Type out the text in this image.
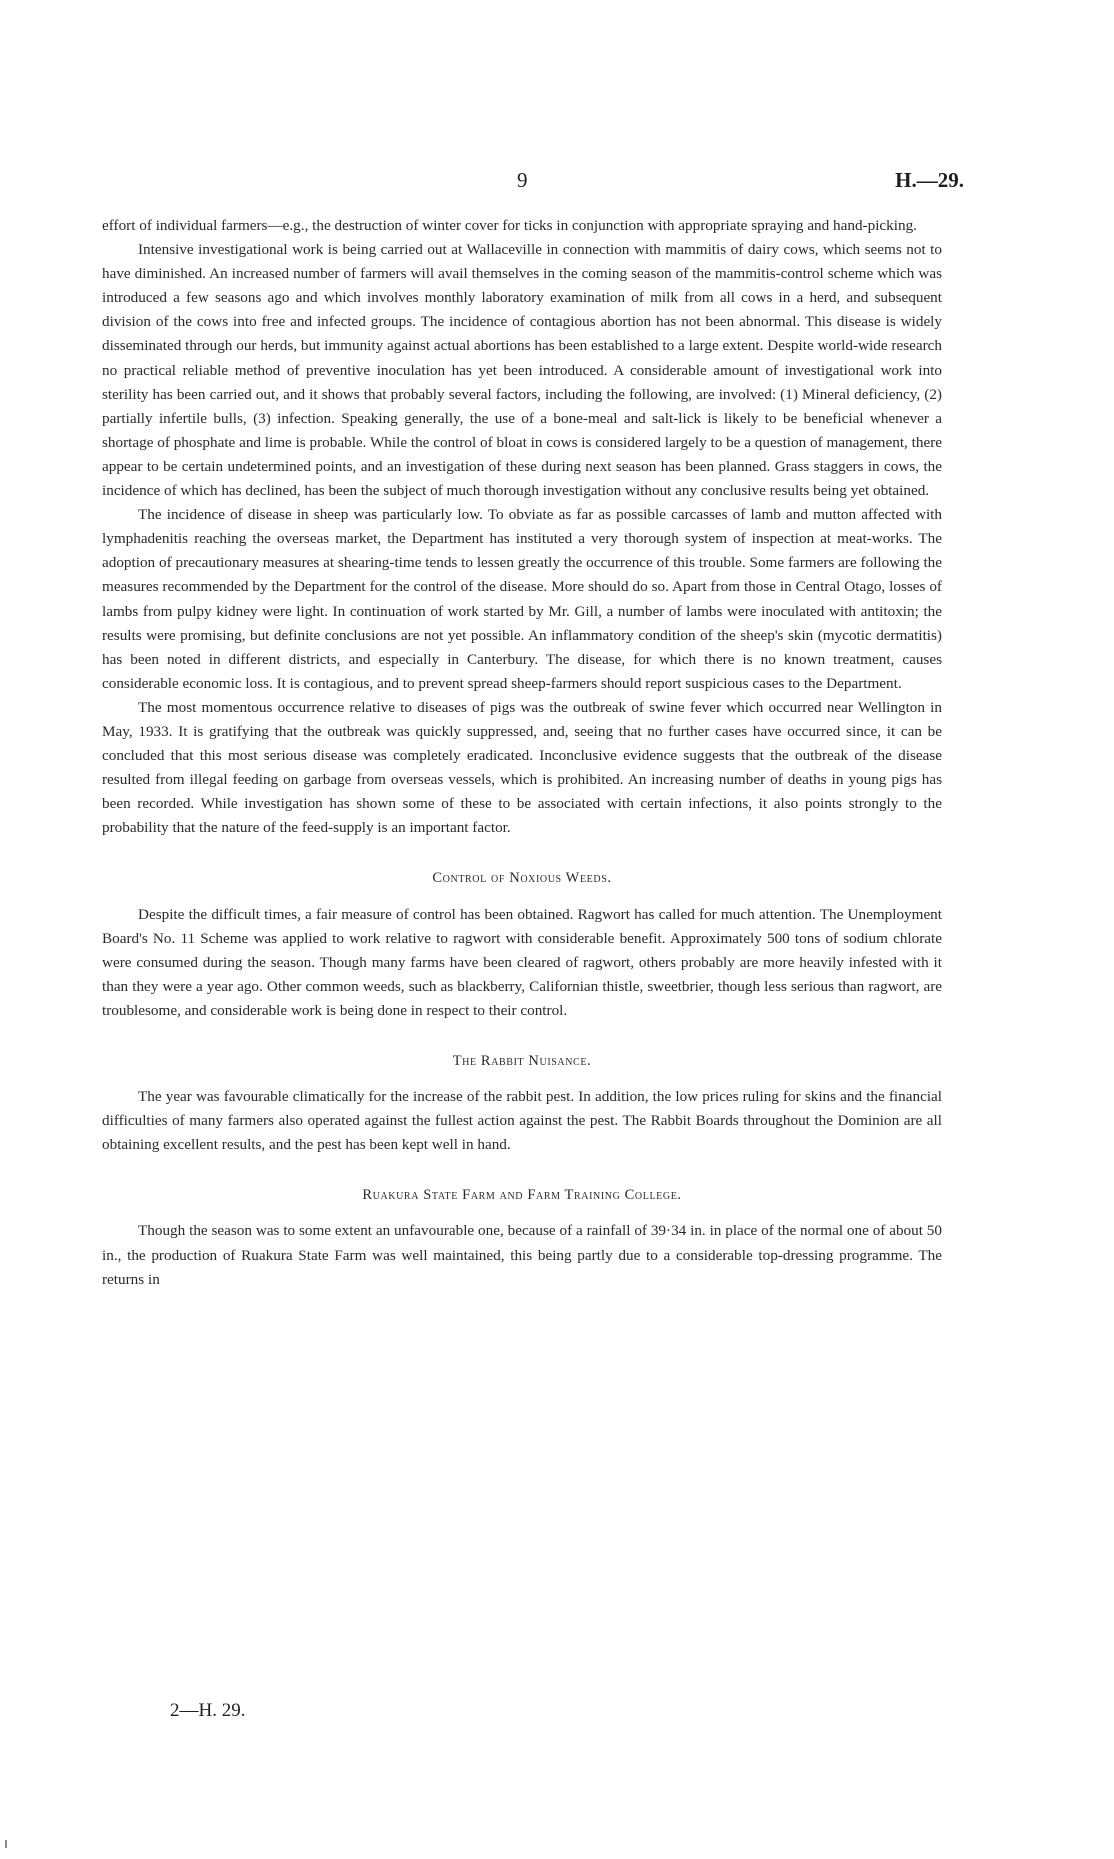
9	H.—29.

effort of individual farmers—e.g., the destruction of winter cover for ticks in conjunction with appropriate spraying and hand-picking.

Intensive investigational work is being carried out at Wallaceville in connection with mammitis of dairy cows, which seems not to have diminished. An increased number of farmers will avail themselves in the coming season of the mammitis-control scheme which was introduced a few seasons ago and which involves monthly laboratory examination of milk from all cows in a herd, and subsequent division of the cows into free and infected groups. The incidence of contagious abortion has not been abnormal. This disease is widely disseminated through our herds, but immunity against actual abortions has been established to a large extent. Despite world-wide research no practical reliable method of preventive inoculation has yet been introduced. A considerable amount of investigational work into sterility has been carried out, and it shows that probably several factors, including the following, are involved: (1) Mineral deficiency, (2) partially infertile bulls, (3) infection. Speaking generally, the use of a bone-meal and salt-lick is likely to be beneficial whenever a shortage of phosphate and lime is probable. While the control of bloat in cows is considered largely to be a question of management, there appear to be certain undetermined points, and an investigation of these during next season has been planned. Grass staggers in cows, the incidence of which has declined, has been the subject of much thorough investigation without any conclusive results being yet obtained.

The incidence of disease in sheep was particularly low. To obviate as far as possible carcasses of lamb and mutton affected with lymphadenitis reaching the overseas market, the Department has instituted a very thorough system of inspection at meat-works. The adoption of precautionary measures at shearing-time tends to lessen greatly the occurrence of this trouble. Some farmers are following the measures recommended by the Department for the control of the disease. More should do so. Apart from those in Central Otago, losses of lambs from pulpy kidney were light. In continuation of work started by Mr. Gill, a number of lambs were inoculated with antitoxin; the results were promising, but definite conclusions are not yet possible. An inflammatory condition of the sheep's skin (mycotic dermatitis) has been noted in different districts, and especially in Canterbury. The disease, for which there is no known treatment, causes considerable economic loss. It is contagious, and to prevent spread sheep-farmers should report suspicious cases to the Department.

The most momentous occurrence relative to diseases of pigs was the outbreak of swine fever which occurred near Wellington in May, 1933. It is gratifying that the outbreak was quickly suppressed, and, seeing that no further cases have occurred since, it can be concluded that this most serious disease was completely eradicated. Inconclusive evidence suggests that the outbreak of the disease resulted from illegal feeding on garbage from overseas vessels, which is prohibited. An increasing number of deaths in young pigs has been recorded. While investigation has shown some of these to be associated with certain infections, it also points strongly to the probability that the nature of the feed-supply is an important factor.

Control of Noxious Weeds.

Despite the difficult times, a fair measure of control has been obtained. Ragwort has called for much attention. The Unemployment Board's No. 11 Scheme was applied to work relative to ragwort with considerable benefit. Approximately 500 tons of sodium chlorate were consumed during the season. Though many farms have been cleared of ragwort, others probably are more heavily infested with it than they were a year ago. Other common weeds, such as blackberry, Californian thistle, sweetbrier, though less serious than ragwort, are troublesome, and considerable work is being done in respect to their control.

The Rabbit Nuisance.

The year was favourable climatically for the increase of the rabbit pest. In addition, the low prices ruling for skins and the financial difficulties of many farmers also operated against the fullest action against the pest. The Rabbit Boards throughout the Dominion are all obtaining excellent results, and the pest has been kept well in hand.

Ruakura State Farm and Farm Training College.

Though the season was to some extent an unfavourable one, because of a rainfall of 39·34 in. in place of the normal one of about 50 in., the production of Ruakura State Farm was well maintained, this being partly due to a considerable top-dressing programme. The returns in

2—H. 29.
